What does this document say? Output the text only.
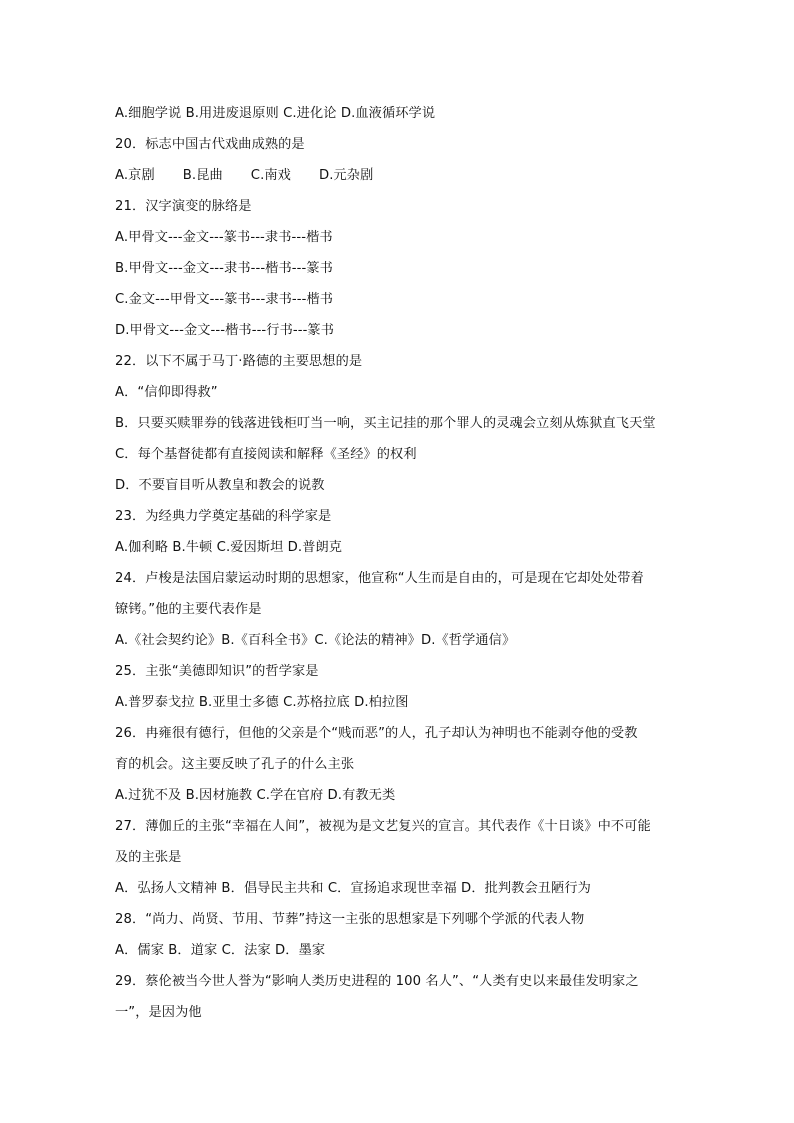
A.细胞学说 B.用进废退原则 C.进化论 D.血液循环学说
20．标志中国古代戏曲成熟的是
A.京剧 B.昆曲 C.南戏 D.元杂剧
21．汉字演变的脉络是
A.甲骨文---金文---篆书---隶书---楷书
B.甲骨文---金文---隶书---楷书---篆书
C.金文---甲骨文---篆书---隶书---楷书
D.甲骨文---金文---楷书---行书---篆书
22．以下不属于马丁·路德的主要思想的是
A．“信仰即得救”
B．只要买赎罪券的钱落进钱柜叮当一响，买主记挂的那个罪人的灵魂会立刻从炼狱直飞天堂
C．每个基督徒都有直接阅读和解释《圣经》的权利
D．不要盲目听从教皇和教会的说教
23．为经典力学奠定基础的科学家是
A.伽利略 B.牛顿 C.爱因斯坦 D.普朗克
24．卢梭是法国启蒙运动时期的思想家，他宣称“人生而是自由的，可是现在它却处处带着
镣铐。”他的主要代表作是
A.《社会契约论》B.《百科全书》C.《论法的精神》D.《哲学通信》
25．主张“美德即知识”的哲学家是
A.普罗泰戈拉 B.亚里士多德 C.苏格拉底 D.柏拉图
26．冉雍很有德行，但他的父亲是个“贱而恶”的人，孔子却认为神明也不能剥夺他的受教
育的机会。这主要反映了孔子的什么主张
A.过犹不及 B.因材施教 C.学在官府 D.有教无类
27．薄伽丘的主张“幸福在人间”，被视为是文艺复兴的宣言。其代表作《十日谈》中不可能
及的主张是
A．弘扬人文精神 B．倡导民主共和 C．宣扬追求现世幸福 D．批判教会丑陋行为
28．“尚力、尚贤、节用、节葬”持这一主张的思想家是下列哪个学派的代表人物
A．儒家 B．道家 C．法家 D．墨家
29．蔡伦被当今世人誉为“影响人类历史进程的 100 名人”、“人类有史以来最佳发明家之
一”，是因为他
